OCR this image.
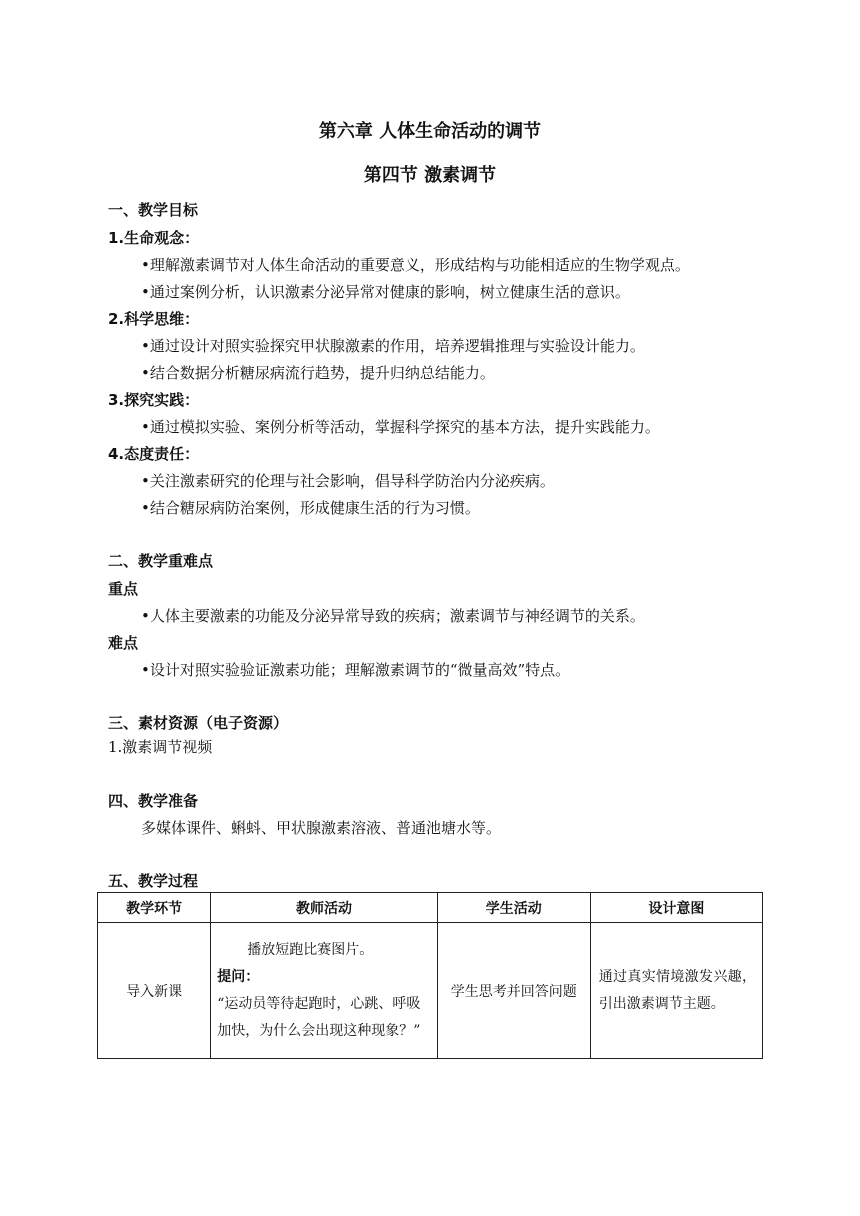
第六章 人体生命活动的调节
第四节 激素调节
一、教学目标
1.生命观念：
•理解激素调节对人体生命活动的重要意义，形成结构与功能相适应的生物学观点。
•通过案例分析，认识激素分泌异常对健康的影响，树立健康生活的意识。
2.科学思维：
•通过设计对照实验探究甲状腺激素的作用，培养逻辑推理与实验设计能力。
•结合数据分析糖尿病流行趋势，提升归纳总结能力。
3.探究实践：
•通过模拟实验、案例分析等活动，掌握科学探究的基本方法，提升实践能力。
4.态度责任：
•关注激素研究的伦理与社会影响，倡导科学防治内分泌疾病。
•结合糖尿病防治案例，形成健康生活的行为习惯。
二、教学重难点
重点
•人体主要激素的功能及分泌异常导致的疾病；激素调节与神经调节的关系。
难点
•设计对照实验验证激素功能；理解激素调节的“微量高效”特点。
三、素材资源（电子资源）
1.激素调节视频
四、教学准备
多媒体课件、蝌蚪、甲状腺激素溶液、普通池塘水等。
五、教学过程
教学环节	教师活动	学生活动	设计意图
导入新课	播放短跑比赛图片。
提问：
“运动员等待起跑时，心跳、呼吸加快，为什么会出现这种现象？”	学生思考并回答问题	通过真实情境激发兴趣，引出激素调节主题。
